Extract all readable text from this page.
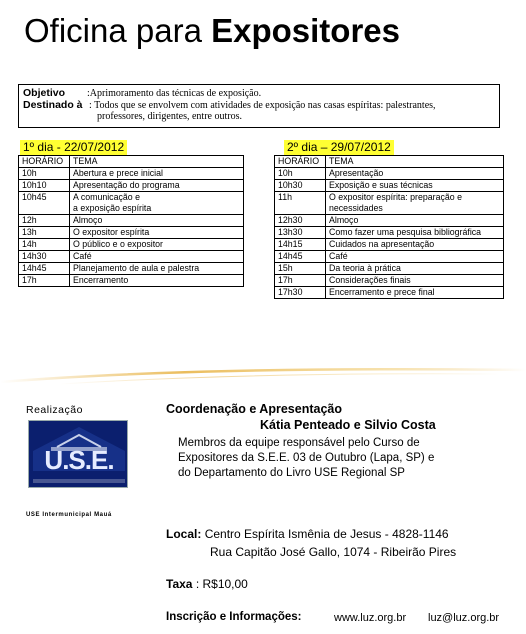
Oficina para Expositores
Objetivo :Aprimoramento das técnicas de exposição.
Destinado à : Todos que se envolvem com atividades de exposição nas casas espíritas: palestrantes,
professores, dirigentes, entre outros.
1º dia - 22/07/2012
HORÁRIO	TEMA
10h	Abertura e prece inicial
10h10	Apresentação do programa
10h45	A comunicação e
a exposição espírita

12h	Almoço
13h	O expositor espírita
14h	O público e o expositor
14h30	Café
14h45	Planejamento de aula e palestra
17h	Encerramento
2º dia – 29/07/2012
HORÁRIO	TEMA
10h	Apresentação
10h30	Exposição e suas técnicas
11h	O expositor espírita: preparação e
necessidades

12h30	Almoço
13h30	Como fazer uma pesquisa bibliográfica
14h15	Cuidados na apresentação
14h45	Café
15h	Da teoria à prática
17h	Considerações finais
17h30	Encerramento e prece final
Realização
U.S.E.
USE Intermunicipal Mauá
Coordenação e Apresentação
Kátia Penteado e Silvio Costa
Membros da equipe responsável pelo Curso de
Expositores da S.E.E. 03 de Outubro (Lapa, SP) e
do Departamento do Livro USE Regional SP
Local: Centro Espírita Ismênia de Jesus - 4828-1146
Rua Capitão José Gallo, 1074 - Ribeirão Pires
Taxa : R$10,00
Inscrição e Informações:	www.luz.org.br luz@luz.org.br
